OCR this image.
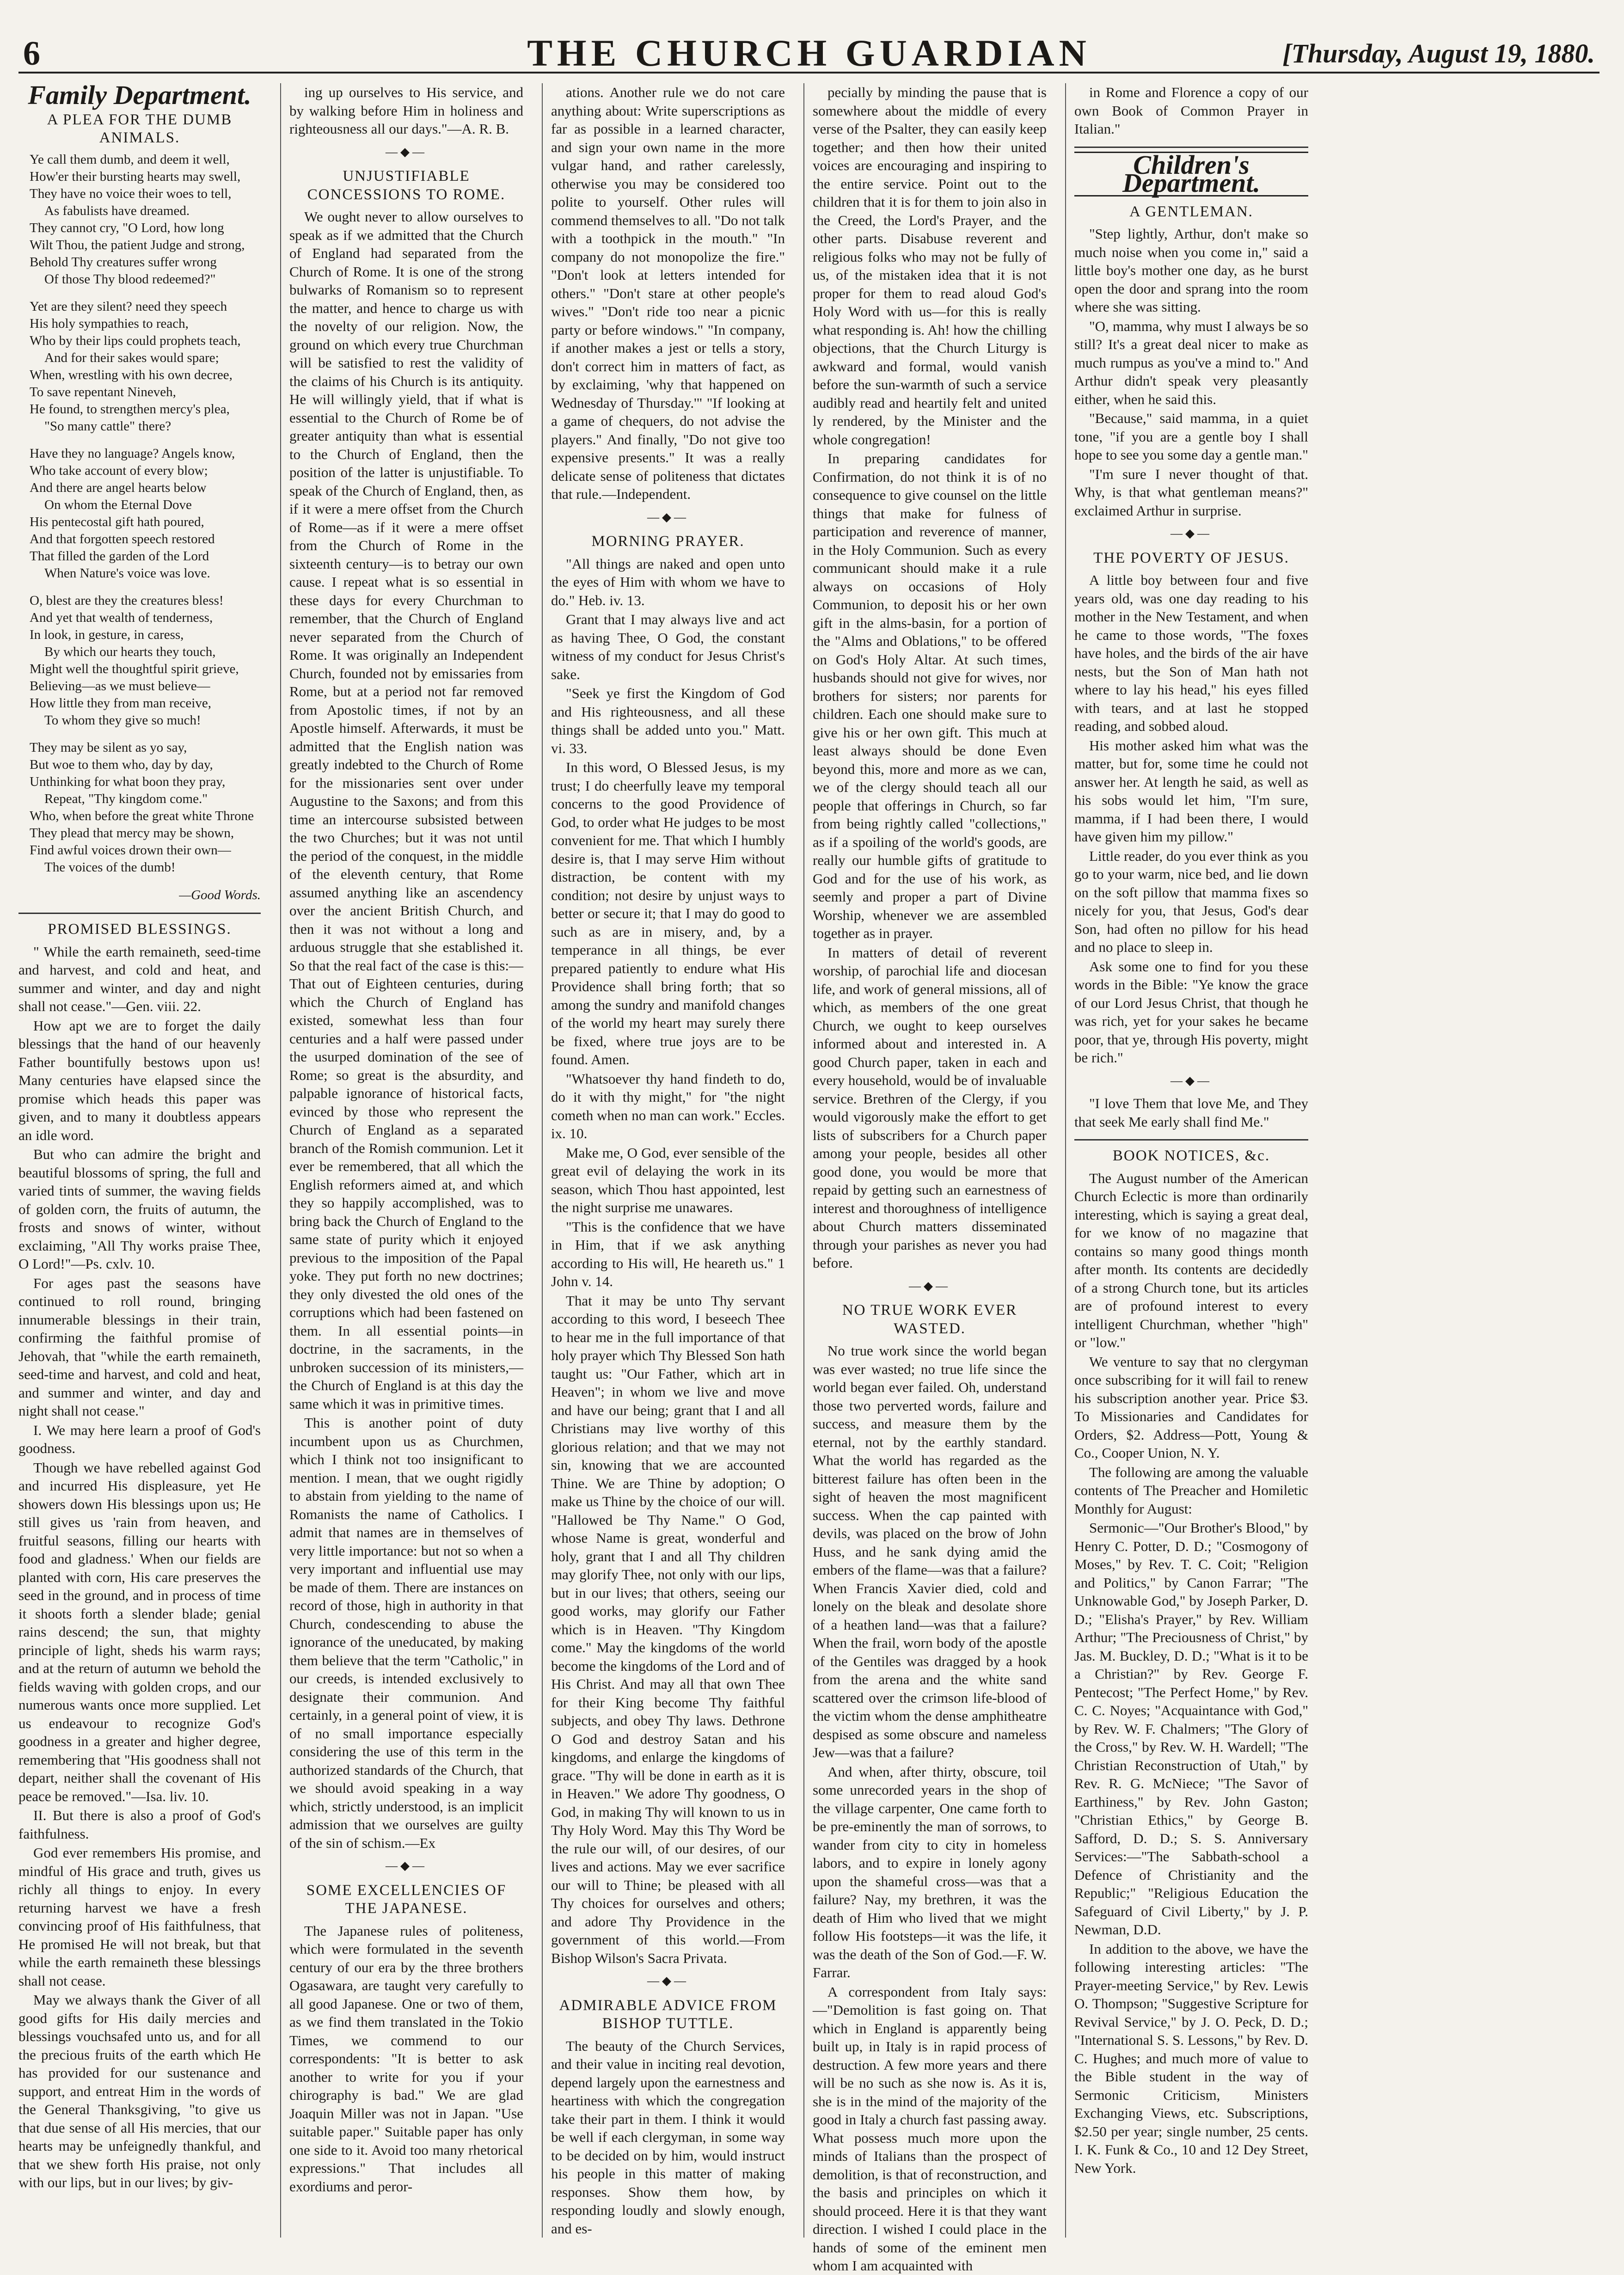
6	THE CHURCH GUARDIAN	[Thursday, August 19, 1880.
Family Department.
A PLEA FOR THE DUMB ANIMALS.

Ye call them dumb, and deem it well,

How'er their bursting hearts may swell,

They have no voice their woes to tell,

As fabulists have dreamed.

They cannot cry, "O Lord, how long

Wilt Thou, the patient Judge and strong,

Behold Thy creatures suffer wrong

Of those Thy blood redeemed?"

Yet are they silent? need they speech

His holy sympathies to reach,

Who by their lips could prophets teach,

And for their sakes would spare;

When, wrestling with his own decree,

To save repentant Nineveh,

He found, to strengthen mercy's plea,

"So many cattle" there?

Have they no language? Angels know,

Who take account of every blow;

And there are angel hearts below

On whom the Eternal Dove

His pentecostal gift hath poured,

And that forgotten speech restored

That filled the garden of the Lord

When Nature's voice was love.

O, blest are they the creatures bless!

And yet that wealth of tenderness,

In look, in gesture, in caress,

By which our hearts they touch,

Might well the thoughtful spirit grieve,

Believing—as we must believe—

How little they from man receive,

To whom they give so much!

They may be silent as yo say,

But woe to them who, day by day,

Unthinking for what boon they pray,

Repeat, "Thy kingdom come."

Who, when before the great white Throne

They plead that mercy may be shown,

Find awful voices drown their own—

The voices of the dumb!

—Good Words.
PROMISED BLESSINGS.

" While the earth remaineth, seed-time and harvest, and cold and heat, and summer and winter, and day and night shall not cease."—Gen. viii. 22.

How apt we are to forget the daily blessings that the hand of our heavenly Father bountifully bestows upon us! Many centuries have elapsed since the promise which heads this paper was given, and to many it doubtless appears an idle word.

But who can admire the bright and beautiful blossoms of spring, the full and varied tints of summer, the waving fields of golden corn, the fruits of autumn, the frosts and snows of winter, without exclaiming, "All Thy works praise Thee, O Lord!"—Ps. cxlv. 10.

For ages past the seasons have continued to roll round, bringing innumerable blessings in their train, confirming the faithful promise of Jehovah, that "while the earth remaineth, seed-time and harvest, and cold and heat, and summer and winter, and day and night shall not cease."

I. We may here learn a proof of God's goodness.

Though we have rebelled against God and incurred His displeasure, yet He showers down His blessings upon us; He still gives us 'rain from heaven, and fruitful seasons, filling our hearts with food and gladness.' When our fields are planted with corn, His care preserves the seed in the ground, and in process of time it shoots forth a slender blade; genial rains descend; the sun, that mighty principle of light, sheds his warm rays; and at the return of autumn we behold the fields waving with golden crops, and our numerous wants once more supplied. Let us endeavour to recognize God's goodness in a greater and higher degree, remembering that "His goodness shall not depart, neither shall the covenant of His peace be removed."—Isa. liv. 10.

II. But there is also a proof of God's faithfulness.

God ever remembers His promise, and mindful of His grace and truth, gives us richly all things to enjoy. In every returning harvest we have a fresh convincing proof of His faithfulness, that He promised He will not break, but that while the earth remaineth these blessings shall not cease.

May we always thank the Giver of all good gifts for His daily mercies and blessings vouchsafed unto us, and for all the precious fruits of the earth which He has provided for our sustenance and support, and entreat Him in the words of the General Thanksgiving, "to give us that due sense of all His mercies, that our hearts may be unfeignedly thankful, and that we shew forth His praise, not only with our lips, but in our lives; by giv-

ing up ourselves to His service, and by walking before Him in holiness and righteousness all our days."—A. R. B.

—◆—
UNJUSTIFIABLE CONCESSIONS TO ROME.

We ought never to allow ourselves to speak as if we admitted that the Church of England had separated from the Church of Rome. It is one of the strong bulwarks of Romanism so to represent the matter, and hence to charge us with the novelty of our religion. Now, the ground on which every true Churchman will be satisfied to rest the validity of the claims of his Church is its antiquity. He will willingly yield, that if what is essential to the Church of Rome be of greater antiquity than what is essential to the Church of England, then the position of the latter is unjustifiable. To speak of the Church of England, then, as if it were a mere offset from the Church of Rome—as if it were a mere offset from the Church of Rome in the sixteenth century—is to betray our own cause. I repeat what is so essential in these days for every Churchman to remember, that the Church of England never separated from the Church of Rome. It was originally an Independent Church, founded not by emissaries from Rome, but at a period not far removed from Apostolic times, if not by an Apostle himself. Afterwards, it must be admitted that the English nation was greatly indebted to the Church of Rome for the missionaries sent over under Augustine to the Saxons; and from this time an intercourse subsisted between the two Churches; but it was not until the period of the conquest, in the middle of the eleventh century, that Rome assumed anything like an ascendency over the ancient British Church, and then it was not without a long and arduous struggle that she established it. So that the real fact of the case is this:—That out of Eighteen centuries, during which the Church of England has existed, somewhat less than four centuries and a half were passed under the usurped domination of the see of Rome; so great is the absurdity, and palpable ignorance of historical facts, evinced by those who represent the Church of England as a separated branch of the Romish communion. Let it ever be remembered, that all which the English reformers aimed at, and which they so happily accomplished, was to bring back the Church of England to the same state of purity which it enjoyed previous to the imposition of the Papal yoke. They put forth no new doctrines; they only divested the old ones of the corruptions which had been fastened on them. In all essential points—in doctrine, in the sacraments, in the unbroken succession of its ministers,—the Church of England is at this day the same which it was in primitive times.

This is another point of duty incumbent upon us as Churchmen, which I think not too insignificant to mention. I mean, that we ought rigidly to abstain from yielding to the name of Romanists the name of Catholics. I admit that names are in themselves of very little importance: but not so when a very important and influential use may be made of them. There are instances on record of those, high in authority in that Church, condescending to abuse the ignorance of the uneducated, by making them believe that the term "Catholic," in our creeds, is intended exclusively to designate their communion. And certainly, in a general point of view, it is of no small importance especially considering the use of this term in the authorized standards of the Church, that we should avoid speaking in a way which, strictly understood, is an implicit admission that we ourselves are guilty of the sin of schism.—Ex

—◆—
SOME EXCELLENCIES OF THE JAPANESE.

The Japanese rules of politeness, which were formulated in the seventh century of our era by the three brothers Ogasawara, are taught very carefully to all good Japanese. One or two of them, as we find them translated in the Tokio Times, we commend to our correspondents: "It is better to ask another to write for you if your chirography is bad." We are glad Joaquin Miller was not in Japan. "Use suitable paper." Suitable paper has only one side to it. Avoid too many rhetorical expressions." That includes all exordiums and peror-

ations. Another rule we do not care anything about: Write superscriptions as far as possible in a learned character, and sign your own name in the more vulgar hand, and rather carelessly, otherwise you may be considered too polite to yourself. Other rules will commend themselves to all. "Do not talk with a toothpick in the mouth." "In company do not monopolize the fire." "Don't look at letters intended for others." "Don't stare at other people's wives." "Don't ride too near a picnic party or before windows." "In company, if another makes a jest or tells a story, don't correct him in matters of fact, as by exclaiming, 'why that happened on Wednesday of Thursday.'" "If looking at a game of chequers, do not advise the players." And finally, "Do not give too expensive presents." It was a really delicate sense of politeness that dictates that rule.—Independent.

—◆—
MORNING PRAYER.

"All things are naked and open unto the eyes of Him with whom we have to do." Heb. iv. 13.

Grant that I may always live and act as having Thee, O God, the constant witness of my conduct for Jesus Christ's sake.

"Seek ye first the Kingdom of God and His righteousness, and all these things shall be added unto you." Matt. vi. 33.

In this word, O Blessed Jesus, is my trust; I do cheerfully leave my temporal concerns to the good Providence of God, to order what He judges to be most convenient for me. That which I humbly desire is, that I may serve Him without distraction, be content with my condition; not desire by unjust ways to better or secure it; that I may do good to such as are in misery, and, by a temperance in all things, be ever prepared patiently to endure what His Providence shall bring forth; that so among the sundry and manifold changes of the world my heart may surely there be fixed, where true joys are to be found. Amen.

"Whatsoever thy hand findeth to do, do it with thy might," for "the night cometh when no man can work." Eccles. ix. 10.

Make me, O God, ever sensible of the great evil of delaying the work in its season, which Thou hast appointed, lest the night surprise me unawares.

"This is the confidence that we have in Him, that if we ask anything according to His will, He heareth us." 1 John v. 14.

That it may be unto Thy servant according to this word, I beseech Thee to hear me in the full importance of that holy prayer which Thy Blessed Son hath taught us: "Our Father, which art in Heaven"; in whom we live and move and have our being; grant that I and all Christians may live worthy of this glorious relation; and that we may not sin, knowing that we are accounted Thine. We are Thine by adoption; O make us Thine by the choice of our will. "Hallowed be Thy Name." O God, whose Name is great, wonderful and holy, grant that I and all Thy children may glorify Thee, not only with our lips, but in our lives; that others, seeing our good works, may glorify our Father which is in Heaven. "Thy Kingdom come." May the kingdoms of the world become the kingdoms of the Lord and of His Christ. And may all that own Thee for their King become Thy faithful subjects, and obey Thy laws. Dethrone O God and destroy Satan and his kingdoms, and enlarge the kingdoms of grace. "Thy will be done in earth as it is in Heaven." We adore Thy goodness, O God, in making Thy will known to us in Thy Holy Word. May this Thy Word be the rule our will, of our desires, of our lives and actions. May we ever sacrifice our will to Thine; be pleased with all Thy choices for ourselves and others; and adore Thy Providence in the government of this world.—From Bishop Wilson's Sacra Privata.

—◆—
ADMIRABLE ADVICE FROM BISHOP TUTTLE.

The beauty of the Church Services, and their value in inciting real devotion, depend largely upon the earnestness and heartiness with which the congregation take their part in them. I think it would be well if each clergyman, in some way to be decided on by him, would instruct his people in this matter of making responses. Show them how, by responding loudly and slowly enough, and es-

pecially by minding the pause that is somewhere about the middle of every verse of the Psalter, they can easily keep together; and then how their united voices are encouraging and inspiring to the entire service. Point out to the children that it is for them to join also in the Creed, the Lord's Prayer, and the other parts. Disabuse reverent and religious folks who may not be fully of us, of the mistaken idea that it is not proper for them to read aloud God's Holy Word with us—for this is really what responding is. Ah! how the chilling objections, that the Church Liturgy is awkward and formal, would vanish before the sun-warmth of such a service audibly read and heartily felt and united ly rendered, by the Minister and the whole congregation!

In preparing candidates for Confirmation, do not think it is of no consequence to give counsel on the little things that make for fulness of participation and reverence of manner, in the Holy Communion. Such as every communicant should make it a rule always on occasions of Holy Communion, to deposit his or her own gift in the alms-basin, for a portion of the "Alms and Oblations," to be offered on God's Holy Altar. At such times, husbands should not give for wives, nor brothers for sisters; nor parents for children. Each one should make sure to give his or her own gift. This much at least always should be done Even beyond this, more and more as we can, we of the clergy should teach all our people that offerings in Church, so far from being rightly called "collections," as if a spoiling of the world's goods, are really our humble gifts of gratitude to God and for the use of his work, as seemly and proper a part of Divine Worship, whenever we are assembled together as in prayer.

In matters of detail of reverent worship, of parochial life and diocesan life, and work of general missions, all of which, as members of the one great Church, we ought to keep ourselves informed about and interested in. A good Church paper, taken in each and every household, would be of invaluable service. Brethren of the Clergy, if you would vigorously make the effort to get lists of subscribers for a Church paper among your people, besides all other good done, you would be more that repaid by getting such an earnestness of interest and thoroughness of intelligence about Church matters disseminated through your parishes as never you had before.

—◆—
NO TRUE WORK EVER WASTED.

No true work since the world began was ever wasted; no true life since the world began ever failed. Oh, understand those two perverted words, failure and success, and measure them by the eternal, not by the earthly standard. What the world has regarded as the bitterest failure has often been in the sight of heaven the most magnificent success. When the cap painted with devils, was placed on the brow of John Huss, and he sank dying amid the embers of the flame—was that a failure? When Francis Xavier died, cold and lonely on the bleak and desolate shore of a heathen land—was that a failure? When the frail, worn body of the apostle of the Gentiles was dragged by a hook from the arena and the white sand scattered over the crimson life-blood of the victim whom the dense amphitheatre despised as some obscure and nameless Jew—was that a failure?

And when, after thirty, obscure, toil some unrecorded years in the shop of the village carpenter, One came forth to be pre-eminently the man of sorrows, to wander from city to city in homeless labors, and to expire in lonely agony upon the shameful cross—was that a failure? Nay, my brethren, it was the death of Him who lived that we might follow His footsteps—it was the life, it was the death of the Son of God.—F. W. Farrar.

A correspondent from Italy says:—"Demolition is fast going on. That which in England is apparently being built up, in Italy is in rapid process of destruction. A few more years and there will be no such as she now is. As it is, she is in the mind of the majority of the good in Italy a church fast passing away. What possess much more upon the minds of Italians than the prospect of demolition, is that of reconstruction, and the basis and principles on which it should proceed. Here it is that they want direction. I wished I could place in the hands of some of the eminent men whom I am acquainted with

in Rome and Florence a copy of our own Book of Common Prayer in Italian."

Children's Department.
A GENTLEMAN.

"Step lightly, Arthur, don't make so much noise when you come in," said a little boy's mother one day, as he burst open the door and sprang into the room where she was sitting.

"O, mamma, why must I always be so still? It's a great deal nicer to make as much rumpus as you've a mind to." And Arthur didn't speak very pleasantly either, when he said this.

"Because," said mamma, in a quiet tone, "if you are a gentle boy I shall hope to see you some day a gentle man."

"I'm sure I never thought of that. Why, is that what gentleman means?" exclaimed Arthur in surprise.

—◆—
THE POVERTY OF JESUS.

A little boy between four and five years old, was one day reading to his mother in the New Testament, and when he came to those words, "The foxes have holes, and the birds of the air have nests, but the Son of Man hath not where to lay his head," his eyes filled with tears, and at last he stopped reading, and sobbed aloud.

His mother asked him what was the matter, but for, some time he could not answer her. At length he said, as well as his sobs would let him, "I'm sure, mamma, if I had been there, I would have given him my pillow."

Little reader, do you ever think as you go to your warm, nice bed, and lie down on the soft pillow that mamma fixes so nicely for you, that Jesus, God's dear Son, had often no pillow for his head and no place to sleep in.

Ask some one to find for you these words in the Bible: "Ye know the grace of our Lord Jesus Christ, that though he was rich, yet for your sakes he became poor, that ye, through His poverty, might be rich."

—◆—

"I love Them that love Me, and They that seek Me early shall find Me."

BOOK NOTICES, &c.

The August number of the American Church Eclectic is more than ordinarily interesting, which is saying a great deal, for we know of no magazine that contains so many good things month after month. Its contents are decidedly of a strong Church tone, but its articles are of profound interest to every intelligent Churchman, whether "high" or "low."

We venture to say that no clergyman once subscribing for it will fail to renew his subscription another year. Price $3. To Missionaries and Candidates for Orders, $2. Address—Pott, Young & Co., Cooper Union, N. Y.

The following are among the valuable contents of The Preacher and Homiletic Monthly for August:

Sermonic—"Our Brother's Blood," by Henry C. Potter, D. D.; "Cosmogony of Moses," by Rev. T. C. Coit; "Religion and Politics," by Canon Farrar; "The Unknowable God," by Joseph Parker, D. D.; "Elisha's Prayer," by Rev. William Arthur; "The Preciousness of Christ," by Jas. M. Buckley, D. D.; "What is it to be a Christian?" by Rev. George F. Pentecost; "The Perfect Home," by Rev. C. C. Noyes; "Acquaintance with God," by Rev. W. F. Chalmers; "The Glory of the Cross," by Rev. W. H. Wardell; "The Christian Reconstruction of Utah," by Rev. R. G. McNiece; "The Savor of Earthiness," by Rev. John Gaston; "Christian Ethics," by George B. Safford, D. D.; S. S. Anniversary Services:—"The Sabbath-school a Defence of Christianity and the Republic;" "Religious Education the Safeguard of Civil Liberty," by J. P. Newman, D.D.

In addition to the above, we have the following interesting articles: "The Prayer-meeting Service," by Rev. Lewis O. Thompson; "Suggestive Scripture for Revival Service," by J. O. Peck, D. D.; "International S. S. Lessons," by Rev. D. C. Hughes; and much more of value to the Bible student in the way of Sermonic Criticism, Ministers Exchanging Views, etc. Subscriptions, $2.50 per year; single number, 25 cents. I. K. Funk & Co., 10 and 12 Dey Street, New York.
